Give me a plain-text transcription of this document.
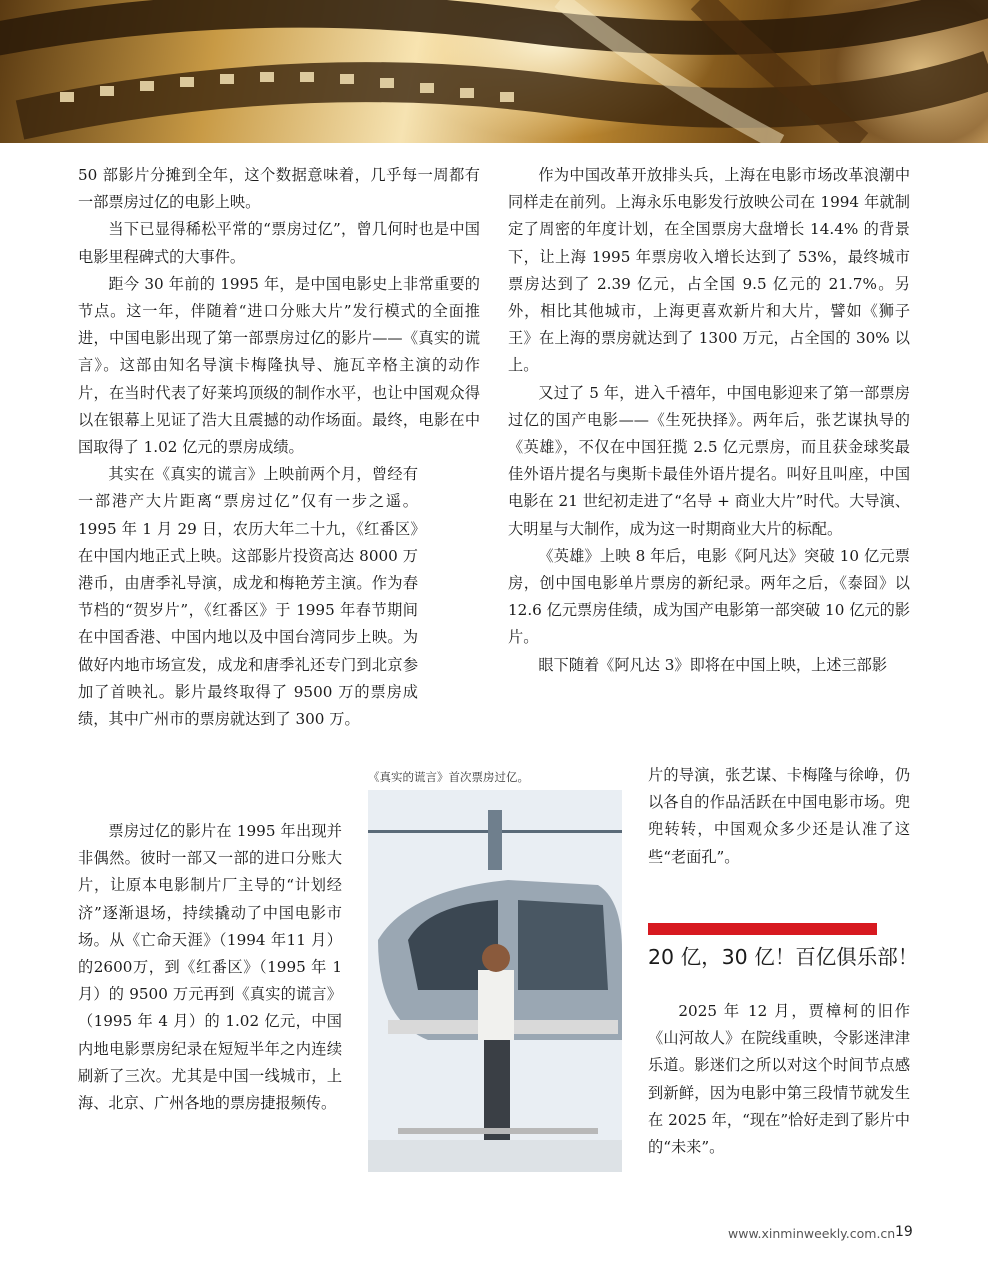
50 部影片分摊到全年，这个数据意味着，几乎每一周都有一部票房过亿的电影上映。

当下已显得稀松平常的“票房过亿”，曾几何时也是中国电影里程碑式的大事件。

距今 30 年前的 1995 年，是中国电影史上非常重要的节点。这一年，伴随着“进口分账大片”发行模式的全面推进，中国电影出现了第一部票房过亿的影片——《真实的谎言》。这部由知名导演卡梅隆执导、施瓦辛格主演的动作片，在当时代表了好莱坞顶级的制作水平，也让中国观众得以在银幕上见证了浩大且震撼的动作场面。最终，电影在中国取得了 1.02 亿元的票房成绩。

其实在《真实的谎言》上映前两个月，曾经有一部港产大片距离“票房过亿”仅有一步之遥。1995 年 1 月 29 日，农历大年二十九，《红番区》在中国内地正式上映。这部影片投资高达 8000 万港币，由唐季礼导演，成龙和梅艳芳主演。作为春节档的“贺岁片”，《红番区》于 1995 年春节期间在中国香港、中国内地以及中国台湾同步上映。为做好内地市场宣发，成龙和唐季礼还专门到北京参加了首映礼。影片最终取得了 9500 万的票房成绩，其中广州市的票房就达到了 300 万。

票房过亿的影片在 1995 年出现并非偶然。彼时一部又一部的进口分账大片，让原本电影制片厂主导的“计划经济”逐渐退场，持续撬动了中国电影市场。从《亡命天涯》（1994 年11 月）的2600万，到《红番区》（1995 年 1 月）的 9500 万元再到《真实的谎言》（1995 年 4 月）的 1.02 亿元，中国内地电影票房纪录在短短半年之内连续刷新了三次。尤其是中国一线城市，上海、北京、广州各地的票房捷报频传。

《真实的谎言》首次票房过亿。

作为中国改革开放排头兵，上海在电影市场改革浪潮中同样走在前列。上海永乐电影发行放映公司在 1994 年就制定了周密的年度计划，在全国票房大盘增长 14.4% 的背景下，让上海 1995 年票房收入增长达到了 53%，最终城市票房达到了 2.39 亿元，占全国 9.5 亿元的 21.7%。另外，相比其他城市，上海更喜欢新片和大片，譬如《狮子王》在上海的票房就达到了 1300 万元，占全国的 30% 以上。

又过了 5 年，进入千禧年，中国电影迎来了第一部票房过亿的国产电影——《生死抉择》。两年后，张艺谋执导的《英雄》，不仅在中国狂揽 2.5 亿元票房，而且获金球奖最佳外语片提名与奥斯卡最佳外语片提名。叫好且叫座，中国电影在 21 世纪初走进了“名导 + 商业大片”时代。大导演、大明星与大制作，成为这一时期商业大片的标配。

《英雄》上映 8 年后，电影《阿凡达》突破 10 亿元票房，创中国电影单片票房的新纪录。两年之后，《泰囧》以 12.6 亿元票房佳绩，成为国产电影第一部突破 10 亿元的影片。

眼下随着《阿凡达 3》即将在中国上映，上述三部影

片的导演，张艺谋、卡梅隆与徐峥，仍以各自的作品活跃在中国电影市场。兜兜转转，中国观众多少还是认准了这些“老面孔”。

20 亿，30 亿！百亿俱乐部！

2025 年 12 月，贾樟柯的旧作《山河故人》在院线重映，令影迷津津乐道。影迷们之所以对这个时间节点感到新鲜，因为电影中第三段情节就发生在 2025 年，“现在”恰好走到了影片中的“未来”。

www.xinminweekly.com.cn 19
